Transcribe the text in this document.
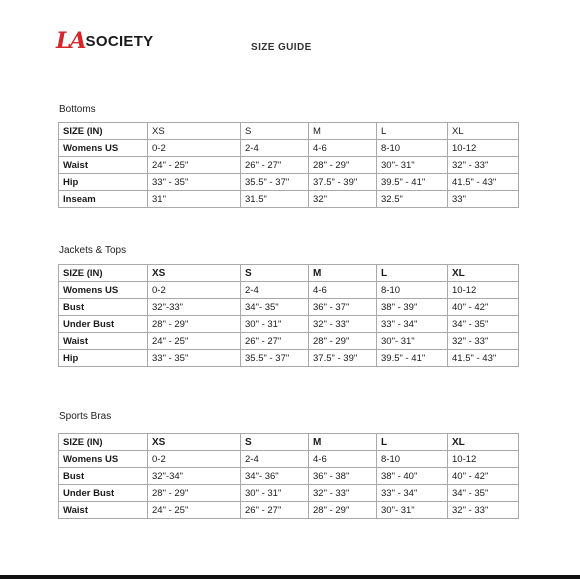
LA SOCIETY	SIZE GUIDE
Bottoms
SIZE (IN)	XS	S	M	L	XL
Womens US	0-2	2-4	4-6	8-10	10-12
Waist	24" - 25"	26" - 27"	28" - 29"	30"- 31"	32" - 33"
Hip	33" - 35"	35.5" - 37"	37.5" - 39"	39.5" - 41"	41.5" - 43"
Inseam	31"	31.5"	32"	32.5"	33"
Jackets & Tops
SIZE (IN)	XS	S	M	L	XL
Womens US	0-2	2-4	4-6	8-10	10-12
Bust	32"-33"	34"- 35"	36" - 37"	38" - 39"	40" - 42"
Under Bust	28" - 29"	30" - 31"	32" - 33"	33" - 34"	34" - 35"
Waist	24" - 25"	26" - 27"	28" - 29"	30"- 31"	32" - 33"
Hip	33" - 35"	35.5" - 37"	37.5" - 39"	39.5" - 41"	41.5" - 43"
Sports Bras
SIZE (IN)	XS	S	M	L	XL
Womens US	0-2	2-4	4-6	8-10	10-12
Bust	32"-34"	34"- 36"	36" - 38"	38" - 40"	40" - 42"
Under Bust	28" - 29"	30" - 31"	32" - 33"	33" - 34"	34" - 35"
Waist	24" - 25"	26" - 27"	28" - 29"	30"- 31"	32" - 33"
